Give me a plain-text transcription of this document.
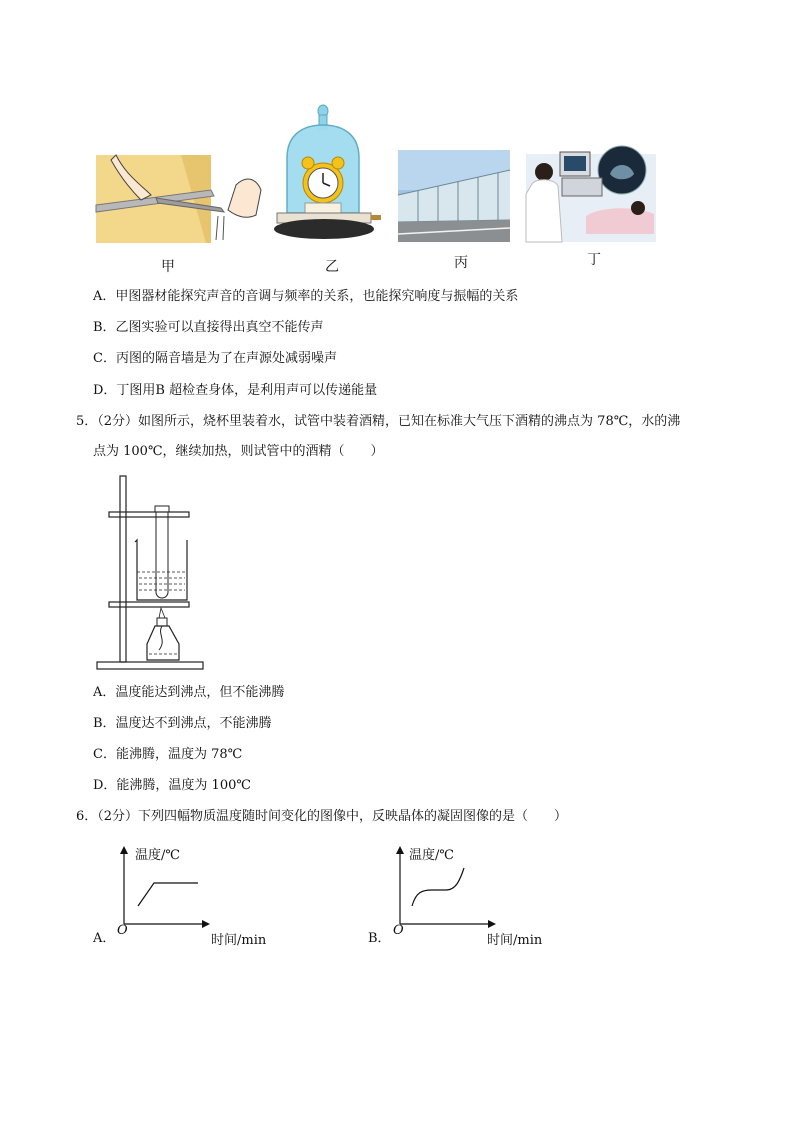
甲	乙	丙	丁
A．甲图器材能探究声音的音调与频率的关系，也能探究响度与振幅的关系
B．乙图实验可以直接得出真空不能传声
C．丙图的隔音墙是为了在声源处减弱噪声
D．丁图用B 超检查身体，是利用声可以传递能量
5．（2分）如图所示，烧杯里装着水，试管中装着酒精，已知在标准大气压下酒精的沸点为 78℃，水的沸
点为 100℃，继续加热，则试管中的酒精（　　）
A．温度能达到沸点，但不能沸腾
B．温度达不到沸点，不能沸腾
C．能沸腾，温度为 78℃
D．能沸腾，温度为 100℃
6．（2分）下列四幅物质温度随时间变化的图像中，反映晶体的凝固图像的是（　　）
A．
温度/℃
时间/min
O
B．
温度/℃
时间/min
O
